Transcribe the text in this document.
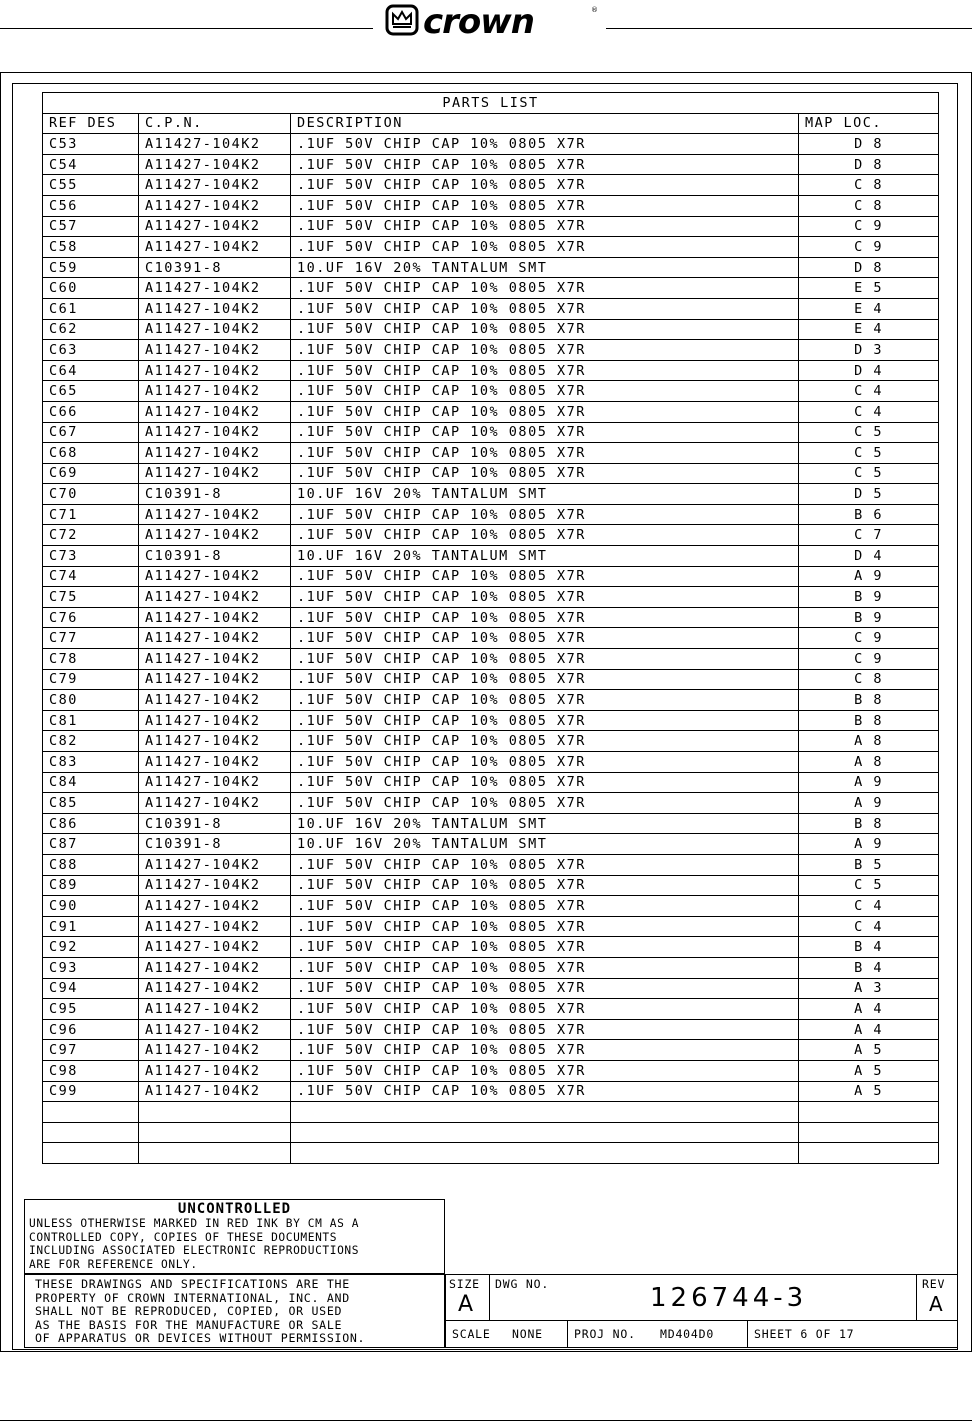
crown	®
PARTS LIST			
REF DES	C.P.N.	DESCRIPTION	MAP LOC.
C53	A11427-104K2	.1UF 50V CHIP CAP 10% 0805 X7R	D 8
C54	A11427-104K2	.1UF 50V CHIP CAP 10% 0805 X7R	D 8
C55	A11427-104K2	.1UF 50V CHIP CAP 10% 0805 X7R	C 8
C56	A11427-104K2	.1UF 50V CHIP CAP 10% 0805 X7R	C 8
C57	A11427-104K2	.1UF 50V CHIP CAP 10% 0805 X7R	C 9
C58	A11427-104K2	.1UF 50V CHIP CAP 10% 0805 X7R	C 9
C59	C10391-8	10.UF 16V 20% TANTALUM SMT	D 8
C60	A11427-104K2	.1UF 50V CHIP CAP 10% 0805 X7R	E 5
C61	A11427-104K2	.1UF 50V CHIP CAP 10% 0805 X7R	E 4
C62	A11427-104K2	.1UF 50V CHIP CAP 10% 0805 X7R	E 4
C63	A11427-104K2	.1UF 50V CHIP CAP 10% 0805 X7R	D 3
C64	A11427-104K2	.1UF 50V CHIP CAP 10% 0805 X7R	D 4
C65	A11427-104K2	.1UF 50V CHIP CAP 10% 0805 X7R	C 4
C66	A11427-104K2	.1UF 50V CHIP CAP 10% 0805 X7R	C 4
C67	A11427-104K2	.1UF 50V CHIP CAP 10% 0805 X7R	C 5
C68	A11427-104K2	.1UF 50V CHIP CAP 10% 0805 X7R	C 5
C69	A11427-104K2	.1UF 50V CHIP CAP 10% 0805 X7R	C 5
C70	C10391-8	10.UF 16V 20% TANTALUM SMT	D 5
C71	A11427-104K2	.1UF 50V CHIP CAP 10% 0805 X7R	B 6
C72	A11427-104K2	.1UF 50V CHIP CAP 10% 0805 X7R	C 7
C73	C10391-8	10.UF 16V 20% TANTALUM SMT	D 4
C74	A11427-104K2	.1UF 50V CHIP CAP 10% 0805 X7R	A 9
C75	A11427-104K2	.1UF 50V CHIP CAP 10% 0805 X7R	B 9
C76	A11427-104K2	.1UF 50V CHIP CAP 10% 0805 X7R	B 9
C77	A11427-104K2	.1UF 50V CHIP CAP 10% 0805 X7R	C 9
C78	A11427-104K2	.1UF 50V CHIP CAP 10% 0805 X7R	C 9
C79	A11427-104K2	.1UF 50V CHIP CAP 10% 0805 X7R	C 8
C80	A11427-104K2	.1UF 50V CHIP CAP 10% 0805 X7R	B 8
C81	A11427-104K2	.1UF 50V CHIP CAP 10% 0805 X7R	B 8
C82	A11427-104K2	.1UF 50V CHIP CAP 10% 0805 X7R	A 8
C83	A11427-104K2	.1UF 50V CHIP CAP 10% 0805 X7R	A 8
C84	A11427-104K2	.1UF 50V CHIP CAP 10% 0805 X7R	A 9
C85	A11427-104K2	.1UF 50V CHIP CAP 10% 0805 X7R	A 9
C86	C10391-8	10.UF 16V 20% TANTALUM SMT	B 8
C87	C10391-8	10.UF 16V 20% TANTALUM SMT	A 9
C88	A11427-104K2	.1UF 50V CHIP CAP 10% 0805 X7R	B 5
C89	A11427-104K2	.1UF 50V CHIP CAP 10% 0805 X7R	C 5
C90	A11427-104K2	.1UF 50V CHIP CAP 10% 0805 X7R	C 4
C91	A11427-104K2	.1UF 50V CHIP CAP 10% 0805 X7R	C 4
C92	A11427-104K2	.1UF 50V CHIP CAP 10% 0805 X7R	B 4
C93	A11427-104K2	.1UF 50V CHIP CAP 10% 0805 X7R	B 4
C94	A11427-104K2	.1UF 50V CHIP CAP 10% 0805 X7R	A 3
C95	A11427-104K2	.1UF 50V CHIP CAP 10% 0805 X7R	A 4
C96	A11427-104K2	.1UF 50V CHIP CAP 10% 0805 X7R	A 4
C97	A11427-104K2	.1UF 50V CHIP CAP 10% 0805 X7R	A 5
C98	A11427-104K2	.1UF 50V CHIP CAP 10% 0805 X7R	A 5
C99	A11427-104K2	.1UF 50V CHIP CAP 10% 0805 X7R	A 5

UNCONTROLLED
UNLESS OTHERWISE MARKED IN RED INK BY CM AS A
CONTROLLED COPY, COPIES OF THESE DOCUMENTS
INCLUDING ASSOCIATED ELECTRONIC REPRODUCTIONS
ARE FOR REFERENCE ONLY.
THESE DRAWINGS AND SPECIFICATIONS ARE THE
PROPERTY OF CROWN INTERNATIONAL, INC. AND
SHALL NOT BE REPRODUCED, COPIED, OR USED
AS THE BASIS FOR THE MANUFACTURE OR SALE
OF APPARATUS OR DEVICES WITHOUT PERMISSION.
SIZE
A
DWG NO.	126744-3	REV
A
SCALE NONE	PROJ NO. MD404D0	SHEET 6 OF 17
